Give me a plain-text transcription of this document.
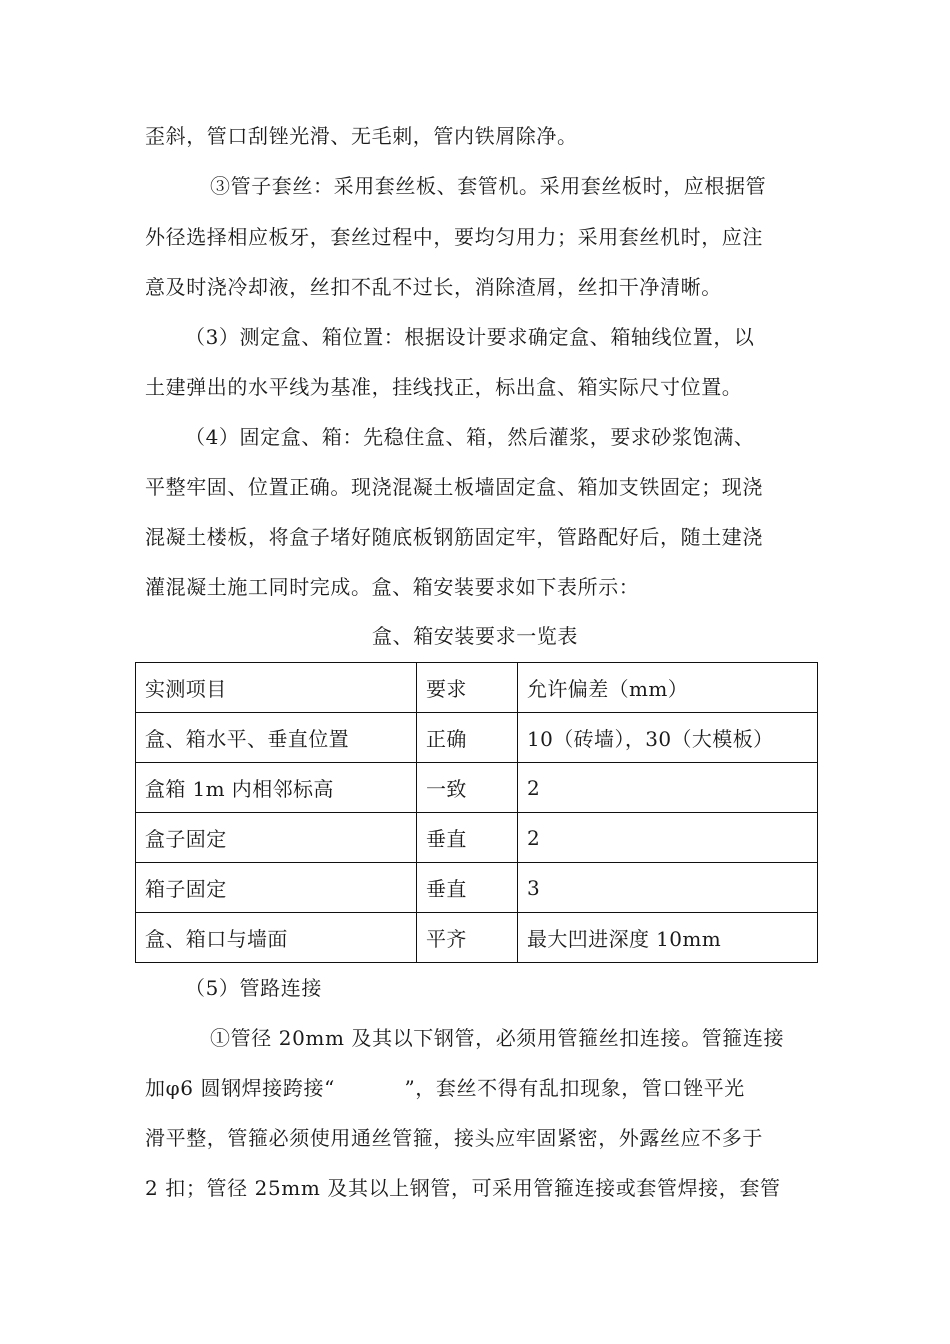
歪斜，管口刮锉光滑、无毛刺，管内铁屑除净。
③管子套丝：采用套丝板、套管机。采用套丝板时，应根据管
外径选择相应板牙，套丝过程中，要均匀用力；采用套丝机时，应注
意及时浇冷却液，丝扣不乱不过长，消除渣屑，丝扣干净清晰。
（3）测定盒、箱位置：根据设计要求确定盒、箱轴线位置，以
土建弹出的水平线为基准，挂线找正，标出盒、箱实际尺寸位置。
（4）固定盒、箱：先稳住盒、箱，然后灌浆，要求砂浆饱满、
平整牢固、位置正确。现浇混凝土板墙固定盒、箱加支铁固定；现浇
混凝土楼板，将盒子堵好随底板钢筋固定牢，管路配好后，随土建浇
灌混凝土施工同时完成。盒、箱安装要求如下表所示：
盒、箱安装要求一览表
实测项目	要求	允许偏差（mm）
盒、箱水平、垂直位置	正确	10（砖墙），30（大模板）
盒箱 1m 内相邻标高	一致	2
盒子固定	垂直	2
箱子固定	垂直	3
盒、箱口与墙面	平齐	最大凹进深度 10mm
（5）管路连接
①管径 20mm 及其以下钢管，必须用管箍丝扣连接。管箍连接
加φ6 圆钢焊接跨接“          ”，套丝不得有乱扣现象，管口锉平光
滑平整，管箍必须使用通丝管箍，接头应牢固紧密，外露丝应不多于
2 扣；管径 25mm 及其以上钢管，可采用管箍连接或套管焊接，套管
